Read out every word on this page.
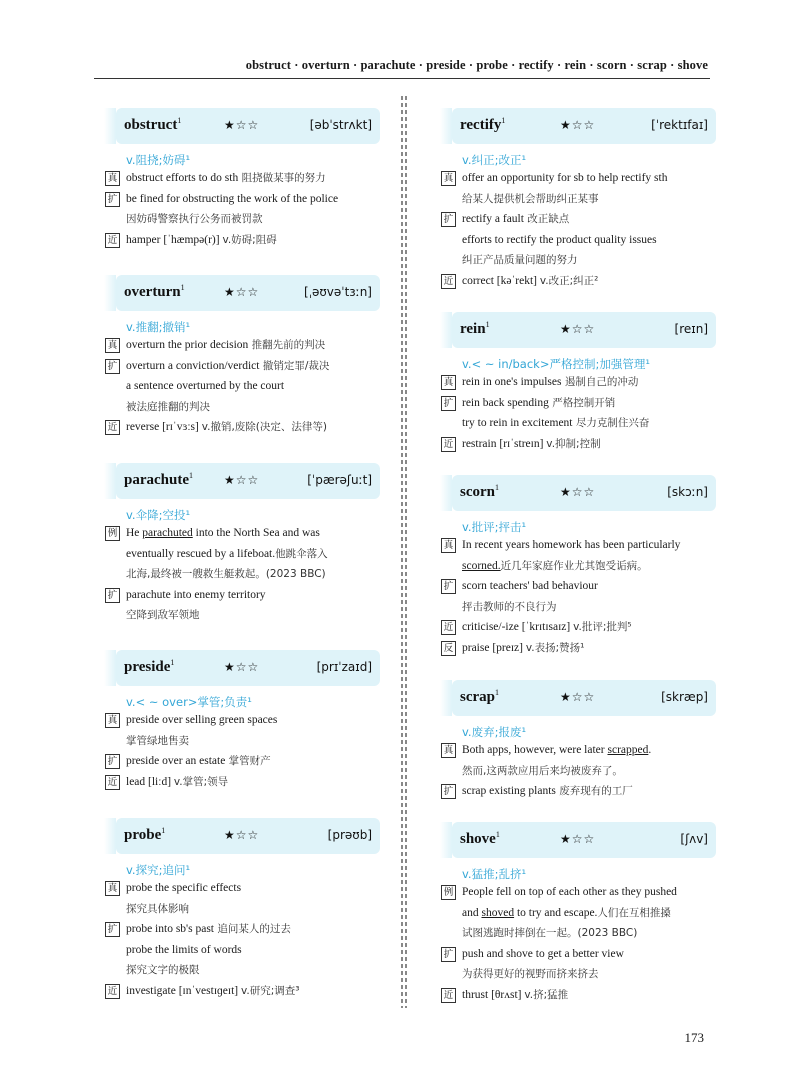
obstruct · overturn · parachute · preside · probe · rectify · rein · scorn · scrap · shove
obstruct$^1$	★☆☆	[əbˈstrʌkt]
v.阻挠;妨碍¹
真 obstruct efforts to do sth 阻挠做某事的努力
扩 be fined for obstructing the work of the police
因妨碍警察执行公务而被罚款
近 hamper [ˈhæmpə(r)] v.妨碍;阻碍
overturn$^1$	★☆☆	[ˌəʊvəˈtɜːn]
v.推翻;撤销¹
真 overturn the prior decision 推翻先前的判决
扩 overturn a conviction/verdict 撤销定罪/裁决
a sentence overturned by the court
被法庭推翻的判决
近 reverse [rɪˈvɜːs] v.撤销,废除(决定、法律等)
parachute$^1$	★☆☆	[ˈpærəʃuːt]
v.伞降;空投¹
例 He parachuted into the North Sea and was
eventually rescued by a lifeboat.他跳伞落入
北海,最终被一艘救生艇救起。(2023 BBC)
扩 parachute into enemy territory
空降到敌军领地
preside$^1$	★☆☆	[prɪˈzaɪd]
v.< ~ over>掌管;负责¹
真 preside over selling green spaces
掌管绿地售卖
扩 preside over an estate 掌管财产
近 lead [liːd] v.掌管;领导
probe$^1$	★☆☆	[prəʊb]
v.探究;追问¹
真 probe the specific effects
探究具体影响
扩 probe into sb's past 追问某人的过去
probe the limits of words
探究文字的极限
近 investigate [ɪnˈvestɪɡeɪt] v.研究;调查³
rectify$^1$	★☆☆	[ˈrektɪfaɪ]
v.纠正;改正¹
真 offer an opportunity for sb to help rectify sth
给某人提供机会帮助纠正某事
扩 rectify a fault 改正缺点
efforts to rectify the product quality issues
纠正产品质量问题的努力
近 correct [kəˈrekt] v.改正;纠正²
rein$^1$	★☆☆	[reɪn]
v.< ~ in/back>严格控制;加强管理¹
真 rein in one's impulses 遏制自己的冲动
扩 rein back spending 严格控制开销
try to rein in excitement 尽力克制住兴奋
近 restrain [rɪˈstreɪn] v.抑制;控制
scorn$^1$	★☆☆	[skɔːn]
v.批评;抨击¹
真 In recent years homework has been particularly
scorned.近几年家庭作业尤其饱受诟病。
扩 scorn teachers' bad behaviour
抨击教师的不良行为
近 criticise/-ize [ˈkrɪtɪsaɪz] v.批评;批判⁵
反 praise [preɪz] v.表扬;赞扬¹
scrap$^1$	★☆☆	[skræp]
v.废弃;报废¹
真 Both apps, however, were later scrapped.
然而,这两款应用后来均被废弃了。
扩 scrap existing plants 废弃现有的工厂
shove$^1$	★☆☆	[ʃʌv]
v.猛推;乱挤¹
例 People fell on top of each other as they pushed
and shoved to try and escape.人们在互相推搡
试图逃跑时摔倒在一起。(2023 BBC)
扩 push and shove to get a better view
为获得更好的视野而挤来挤去
近 thrust [θrʌst] v.挤;猛推
173
